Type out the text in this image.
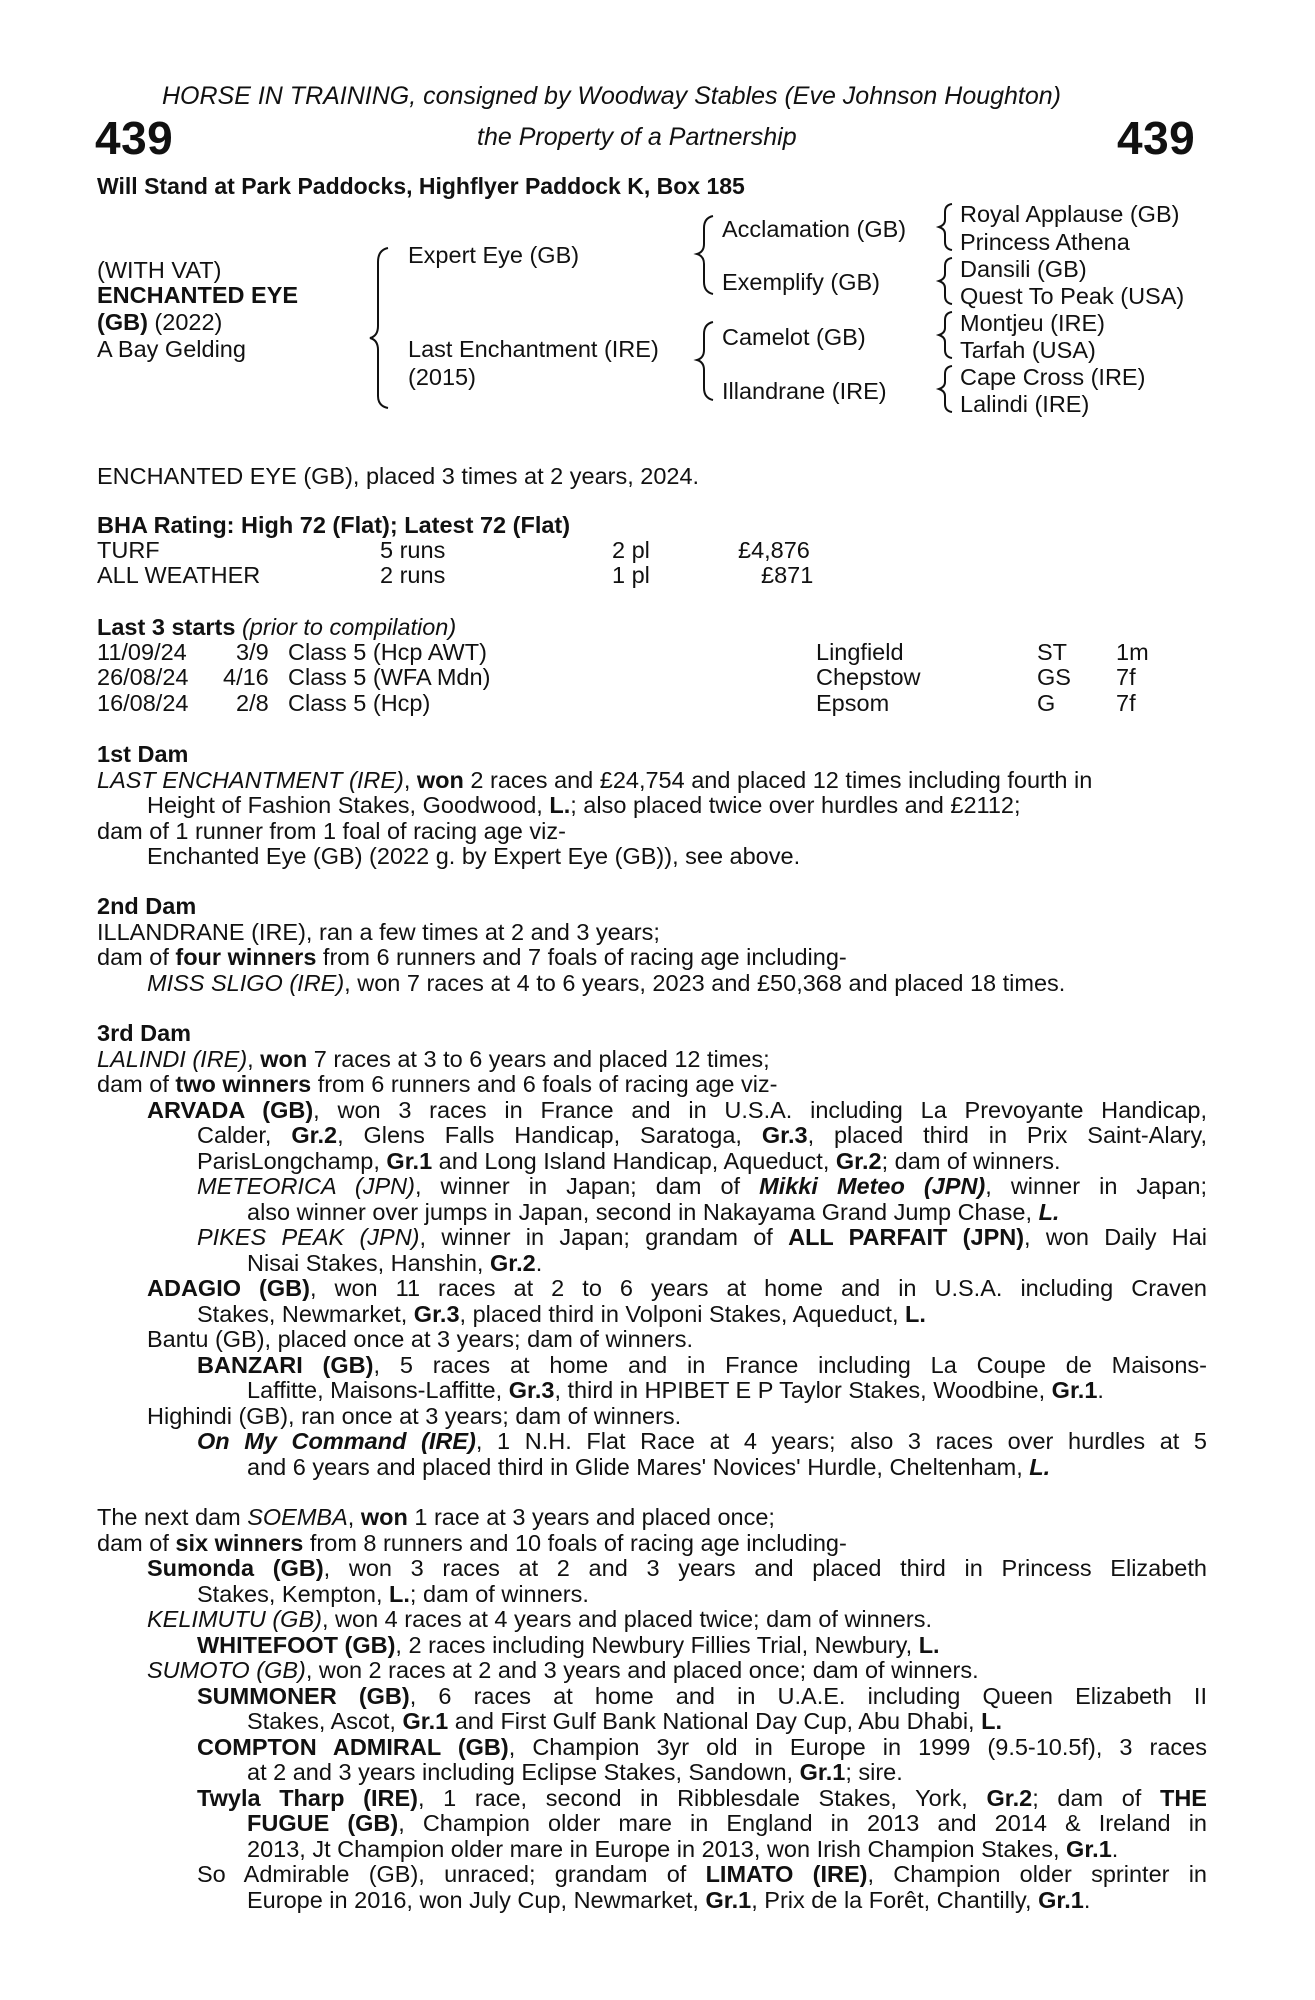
HORSE IN TRAINING, consigned by Woodway Stables (Eve Johnson Houghton)
439	the Property of a Partnership	439
Will Stand at Park Paddocks, Highflyer Paddock K, Box 185
(WITH VAT)
ENCHANTED EYE
(GB) (2022)
A Bay Gelding
Expert Eye (GB)
Last Enchantment (IRE)
(2015)
Acclamation (GB)
Exemplify (GB)
Camelot (GB)
Illandrane (IRE)
Royal Applause (GB)
Princess Athena
Dansili (GB)
Quest To Peak (USA)
Montjeu (IRE)
Tarfah (USA)
Cape Cross (IRE)
Lalindi (IRE)
ENCHANTED EYE (GB), placed 3 times at 2 years, 2024.
BHA Rating: High 72 (Flat); Latest 72 (Flat)
TURF	5 runs	2 pl	£4,876
ALL WEATHER	2 runs	1 pl	£871
Last 3 starts (prior to compilation)
11/09/24 3/9 Class 5 (Hcp AWT)	Lingfield	ST 1m
26/08/24 4/16 Class 5 (WFA Mdn)	Chepstow	GS 7f
16/08/24 2/8 Class 5 (Hcp)	Epsom	G	7f
1st Dam
LAST ENCHANTMENT (IRE), won 2 races and £24,754 and placed 12 times including fourth in
Height of Fashion Stakes, Goodwood, L.; also placed twice over hurdles and £2112;
dam of 1 runner from 1 foal of racing age viz-
Enchanted Eye (GB) (2022 g. by Expert Eye (GB)), see above.
2nd Dam
ILLANDRANE (IRE), ran a few times at 2 and 3 years;
dam of four winners from 6 runners and 7 foals of racing age including-
MISS SLIGO (IRE), won 7 races at 4 to 6 years, 2023 and £50,368 and placed 18 times.
3rd Dam
LALINDI (IRE), won 7 races at 3 to 6 years and placed 12 times;
dam of two winners from 6 runners and 6 foals of racing age viz-
ARVADA (GB), won 3 races in France and in U.S.A. including La Prevoyante Handicap,
Calder, Gr.2, Glens Falls Handicap, Saratoga, Gr.3, placed third in Prix Saint-Alary,
ParisLongchamp, Gr.1 and Long Island Handicap, Aqueduct, Gr.2; dam of winners.
METEORICA (JPN), winner in Japan; dam of Mikki Meteo (JPN), winner in Japan;
also winner over jumps in Japan, second in Nakayama Grand Jump Chase, L.
PIKES PEAK (JPN), winner in Japan; grandam of ALL PARFAIT (JPN), won Daily Hai
Nisai Stakes, Hanshin, Gr.2.
ADAGIO (GB), won 11 races at 2 to 6 years at home and in U.S.A. including Craven
Stakes, Newmarket, Gr.3, placed third in Volponi Stakes, Aqueduct, L.
Bantu (GB), placed once at 3 years; dam of winners.
BANZARI (GB), 5 races at home and in France including La Coupe de Maisons-
Laffitte, Maisons-Laffitte, Gr.3, third in HPIBET E P Taylor Stakes, Woodbine, Gr.1.
Highindi (GB), ran once at 3 years; dam of winners.
On My Command (IRE), 1 N.H. Flat Race at 4 years; also 3 races over hurdles at 5
and 6 years and placed third in Glide Mares' Novices' Hurdle, Cheltenham, L.
The next dam SOEMBA, won 1 race at 3 years and placed once;
dam of six winners from 8 runners and 10 foals of racing age including-
Sumonda (GB), won 3 races at 2 and 3 years and placed third in Princess Elizabeth
Stakes, Kempton, L.; dam of winners.
KELIMUTU (GB), won 4 races at 4 years and placed twice; dam of winners.
WHITEFOOT (GB), 2 races including Newbury Fillies Trial, Newbury, L.
SUMOTO (GB), won 2 races at 2 and 3 years and placed once; dam of winners.
SUMMONER (GB), 6 races at home and in U.A.E. including Queen Elizabeth II
Stakes, Ascot, Gr.1 and First Gulf Bank National Day Cup, Abu Dhabi, L.
COMPTON ADMIRAL (GB), Champion 3yr old in Europe in 1999 (9.5-10.5f), 3 races
at 2 and 3 years including Eclipse Stakes, Sandown, Gr.1; sire.
Twyla Tharp (IRE), 1 race, second in Ribblesdale Stakes, York, Gr.2; dam of THE
FUGUE (GB), Champion older mare in England in 2013 and 2014 & Ireland in
2013, Jt Champion older mare in Europe in 2013, won Irish Champion Stakes, Gr.1.
So Admirable (GB), unraced; grandam of LIMATO (IRE), Champion older sprinter in
Europe in 2016, won July Cup, Newmarket, Gr.1, Prix de la Forêt, Chantilly, Gr.1.
